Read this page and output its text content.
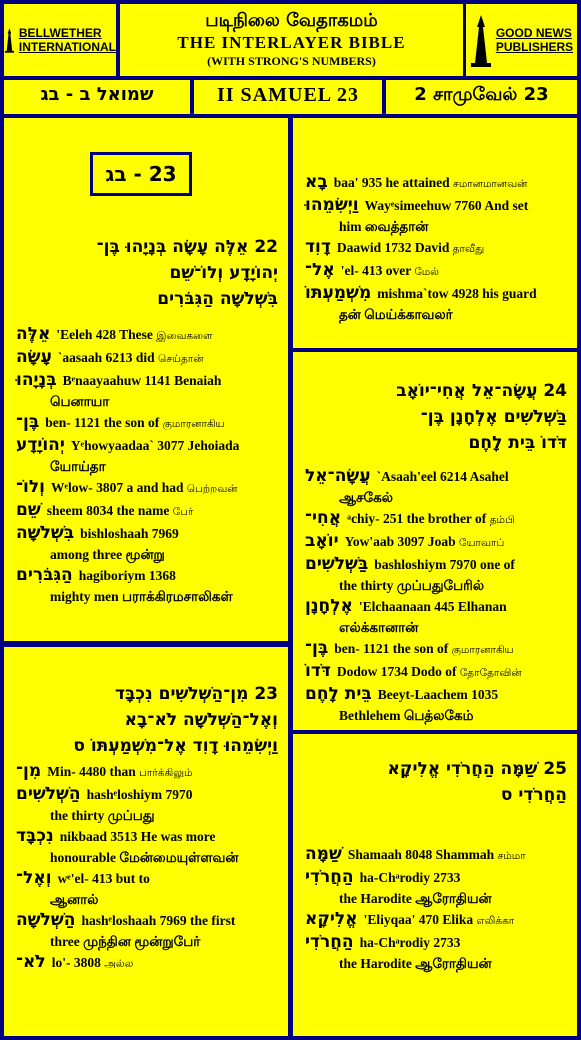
BELLWETHER
INTERNATIONAL
படிநிலை வேதாகமம்
THE INTERLAYER BIBLE
(WITH STRONG'S NUMBERS)
GOOD NEWS
PUBLISHERS
שמואל ב - בג	II SAMUEL 23	2 சாமுவேல் 23
23 - בג
22 אֵלֶּה עָשָׂה בְּנָיָהוּ בֶּן־
יְהוֹיָדָע וְלוֹ־שֵׁם
בִּשְׁלֹשָׁה הַגִּבֹּרִים
אֵלֶּה 'Eeleh 428 These இவைகளை
עָשָׂה `aasaah 6213 did செய்தான்
בְּנָיָהוּ Bᵉnaayaahuw 1141 Benaiah
பெனாயா
בֶּן־ ben- 1121 the son of குமாரனாகிய
יְהוֹיָדָע Yᵉhowyaadaa` 3077 Jehoiada
யோய்தா
וְלוֹ־ Wᵉlow- 3807 a and had பெற்றவன்
שֵׁם sheem 8034 the name பேர்
בִּשְׁלֹשָׁה bishloshaah 7969
among three மூன்று
הַגִּבֹּרִים hagiboriym 1368
mighty men பராக்கிரமசாலிகள்
23 מִן־הַשְּׁלֹשִׁים נִכְבָּד
וְאֶל־הַשְּׁלֹשָׁה לֹא־בָא
וַיְשִׂמֵהוּ דָוִד אֶל־מִשְׁמַעְתּוֹ ס
מִן־ Min- 4480 than பார்க்கிலும்
הַשְּׁלֹשִׁים hashᵉloshiym 7970
the thirty முப்பது
נִכְבָּד nikbaad 3513 He was more
honourable மேன்மையுள்ளவன்
וְאֶל־ wᵉ'el- 413 but to
ஆனால்
הַשְּׁלֹשָׁה hashᵉloshaah 7969 the first
three முந்தின மூன்றுபேர்
לֹא־ lo'- 3808 அல்ல
בָא baa' 935 he attained சமானமானவன்
וַיְשִׂמֵהוּ Wayᵉsimeehuw 7760 And set
him வைத்தான்
דָוִד Daawid 1732 David தாவீது
אֶל־ 'el- 413 over மேல்
מִשְׁמַעְתּוֹ mishma`tow 4928 his guard
தன் மெய்க்காவலர்
24 עֲשָׂה־אֵל אֲחִי־יוֹאָב
בַּשְּׁלֹשִׁים אֶלְחָנָן בֶּן־
דֹּדוֹ בֵּית לָחֶם
עֲשָׂה־אֵל `Asaah'eel 6214 Asahel
ஆசகேல்
אֲחִי־ ᵃchiy- 251 the brother of தம்பி
יוֹאָב Yow'aab 3097 Joab யோவாப்
בַּשְּׁלֹשִׁים bashloshiym 7970 one of
the thirty முப்பதுபேரில்
אֶלְחָנָן 'Elchaanaan 445 Elhanan
எல்க்கானான்
בֶּן־ ben- 1121 the son of குமாரனாகிய
דֹּדוֹ Dodow 1734 Dodo of தோதோவின்
בֵּית לָחֶם Beeyt-Laachem 1035
Bethlehem பெத்லகேம்
25 שַׁמָּה הַחֲרֹדִי אֱלִיקָא
הַחֲרֹדִי ס
שַׁמָּה Shamaah 8048 Shammah சம்மா
הַחֲרֹדִי ha-Chᵃrodiy 2733
the Harodite ஆரோதியன்
אֱלִיקָא 'Eliyqaa' 470 Elika எலிக்கா
הַחֲרֹדִי ha-Chᵃrodiy 2733
the Harodite ஆரோதியன்
